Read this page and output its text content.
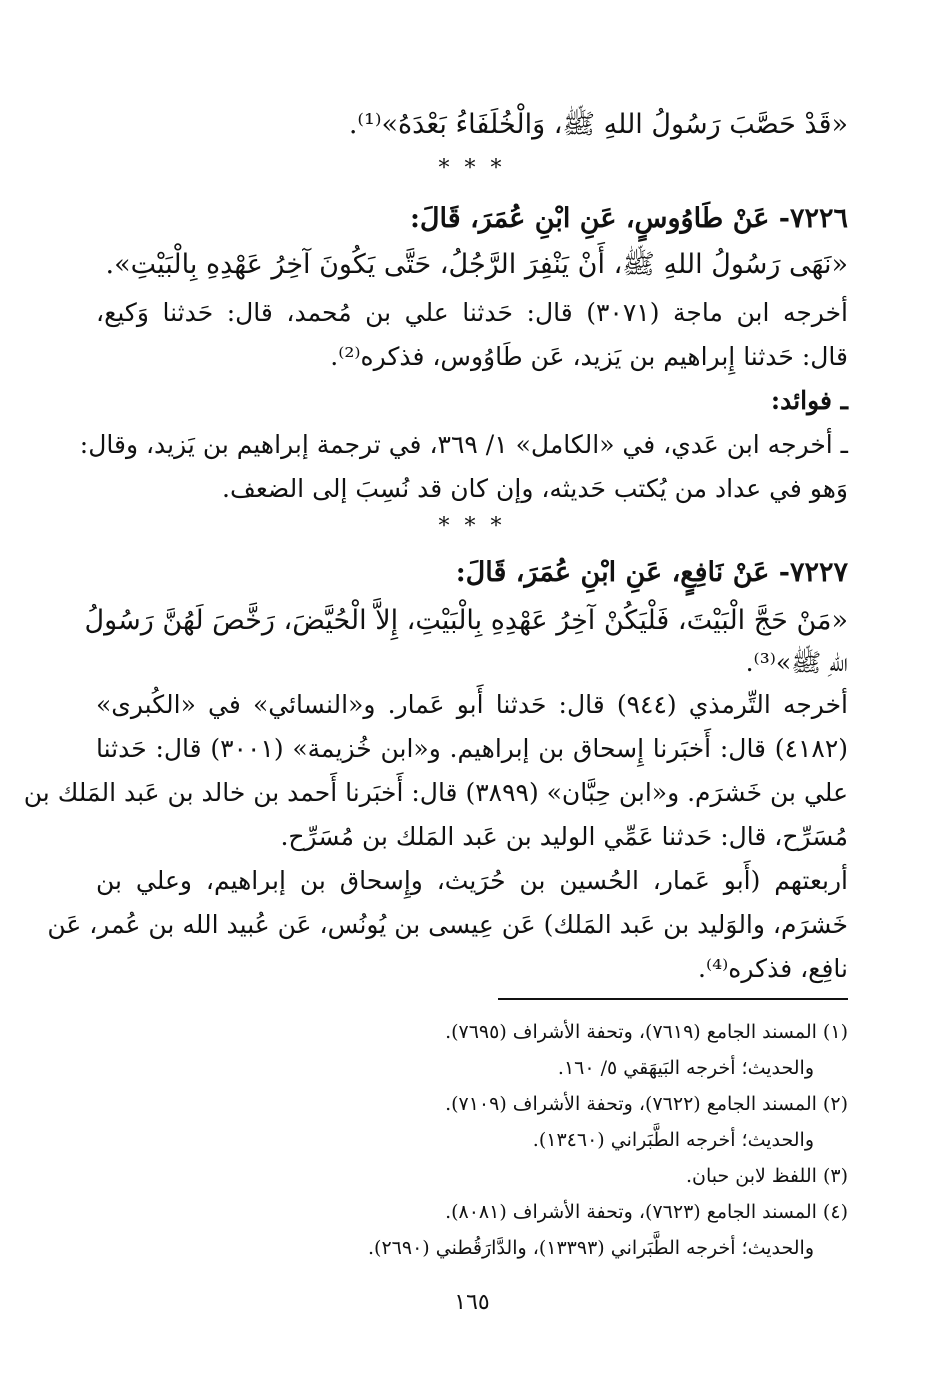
«قَدْ حَصَّبَ رَسُولُ اللهِ ﷺ، وَالْخُلَفَاءُ بَعْدَهُ»⁽¹⁾.
* * *
٧٢٢٦- عَنْ طَاوُوسٍ، عَنِ ابْنِ عُمَرَ، قَالَ:
«نَهَى رَسُولُ اللهِ ﷺ، أَنْ يَنْفِرَ الرَّجُلُ، حَتَّى يَكُونَ آخِرُ عَهْدِهِ بِالْبَيْتِ».
أخرجه ابن ماجة (٣٠٧١) قال: حَدثنا علي بن مُحمد، قال: حَدثنا وَكيع،
قال: حَدثنا إِبراهيم بن يَزيد، عَن طَاوُوس، فذكره⁽²⁾.
ـ فوائد:
ـ أخرجه ابن عَدي، في «الكامل» ١/ ٣٦٩، في ترجمة إبراهيم بن يَزيد، وقال:
وَهو في عداد من يُكتب حَديثه، وإن كان قد نُسِبَ إلى الضعف.
* * *
٧٢٢٧- عَنْ نَافِعٍ، عَنِ ابْنِ عُمَرَ، قَالَ:
«مَنْ حَجَّ الْبَيْتَ، فَلْيَكُنْ آخِرُ عَهْدِهِ بِالْبَيْتِ، إِلاَّ الْحُيَّضَ، رَخَّصَ لَهُنَّ رَسُولُ
اللهِ ﷺ»⁽³⁾.
أخرجه التِّرمذي (٩٤٤) قال: حَدثنا أَبو عَمار. و«النسائي» في «الكُبرى»
(٤١٨٢) قال: أَخبَرنا إِسحاق بن إبراهيم. و«ابن خُزيمة» (٣٠٠١) قال: حَدثنا
علي بن خَشرَم. و«ابن حِبَّان» (٣٨٩٩) قال: أَخبَرنا أَحمد بن خالد بن عَبد المَلك بن
مُسَرِّح، قال: حَدثنا عَمِّي الوليد بن عَبد المَلك بن مُسَرِّح.
أربعتهم (أَبو عَمار، الحُسين بن حُرَيث، وإِسحاق بن إبراهيم، وعلي بن
خَشرَم، والوَليد بن عَبد المَلك) عَن عِيسى بن يُونُس، عَن عُبيد الله بن عُمر، عَن
نافِع، فذكره⁽⁴⁾.
(١) المسند الجامع (٧٦١٩)، وتحفة الأشراف (٧٦٩٥).
والحديث؛ أخرجه البَيهَقي ٥/ ١٦٠.
(٢) المسند الجامع (٧٦٢٢)، وتحفة الأشراف (٧١٠٩).
والحديث؛ أخرجه الطَّبَراني (١٣٤٦٠).
(٣) اللفظ لابن حبان.
(٤) المسند الجامع (٧٦٢٣)، وتحفة الأشراف (٨٠٨١).
والحديث؛ أخرجه الطَّبَراني (١٣٣٩٣)، والدَّارَقُطني (٢٦٩٠).
١٦٥
